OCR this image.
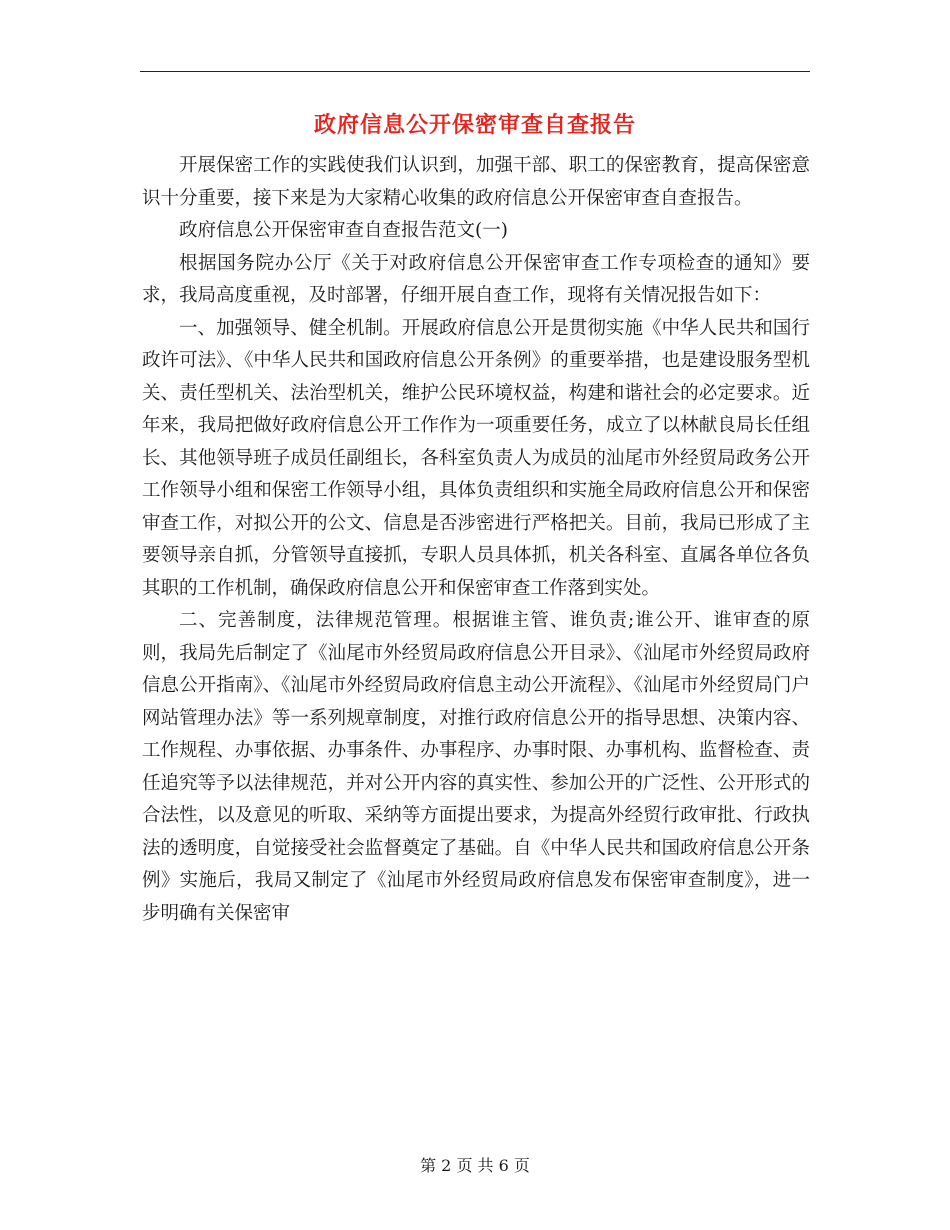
政府信息公开保密审查自查报告

开展保密工作的实践使我们认识到，加强干部、职工的保密教育，提高保密意识十分重要，接下来是为大家精心收集的政府信息公开保密审查自查报告。

政府信息公开保密审查自查报告范文(一)

根据国务院办公厅《关于对政府信息公开保密审查工作专项检查的通知》要求，我局高度重视，及时部署，仔细开展自查工作，现将有关情况报告如下：

一、加强领导、健全机制。开展政府信息公开是贯彻实施《中华人民共和国行政许可法》、《中华人民共和国政府信息公开条例》的重要举措，也是建设服务型机关、责任型机关、法治型机关，维护公民环境权益，构建和谐社会的必定要求。近年来，我局把做好政府信息公开工作作为一项重要任务，成立了以林献良局长任组长、其他领导班子成员任副组长，各科室负责人为成员的汕尾市外经贸局政务公开工作领导小组和保密工作领导小组，具体负责组织和实施全局政府信息公开和保密审查工作，对拟公开的公文、信息是否涉密进行严格把关。目前，我局已形成了主要领导亲自抓，分管领导直接抓，专职人员具体抓，机关各科室、直属各单位各负其职的工作机制，确保政府信息公开和保密审查工作落到实处。

二、完善制度，法律规范管理。根据谁主管、谁负责;谁公开、谁审查的原则，我局先后制定了《汕尾市外经贸局政府信息公开目录》、《汕尾市外经贸局政府信息公开指南》、《汕尾市外经贸局政府信息主动公开流程》、《汕尾市外经贸局门户网站管理办法》等一系列规章制度，对推行政府信息公开的指导思想、决策内容、工作规程、办事依据、办事条件、办事程序、办事时限、办事机构、监督检查、责任追究等予以法律规范，并对公开内容的真实性、参加公开的广泛性、公开形式的合法性，以及意见的听取、采纳等方面提出要求，为提高外经贸行政审批、行政执法的透明度，自觉接受社会监督奠定了基础。自《中华人民共和国政府信息公开条例》实施后，我局又制定了《汕尾市外经贸局政府信息发布保密审查制度》，进一步明确有关保密审

第 2 页 共 6 页
